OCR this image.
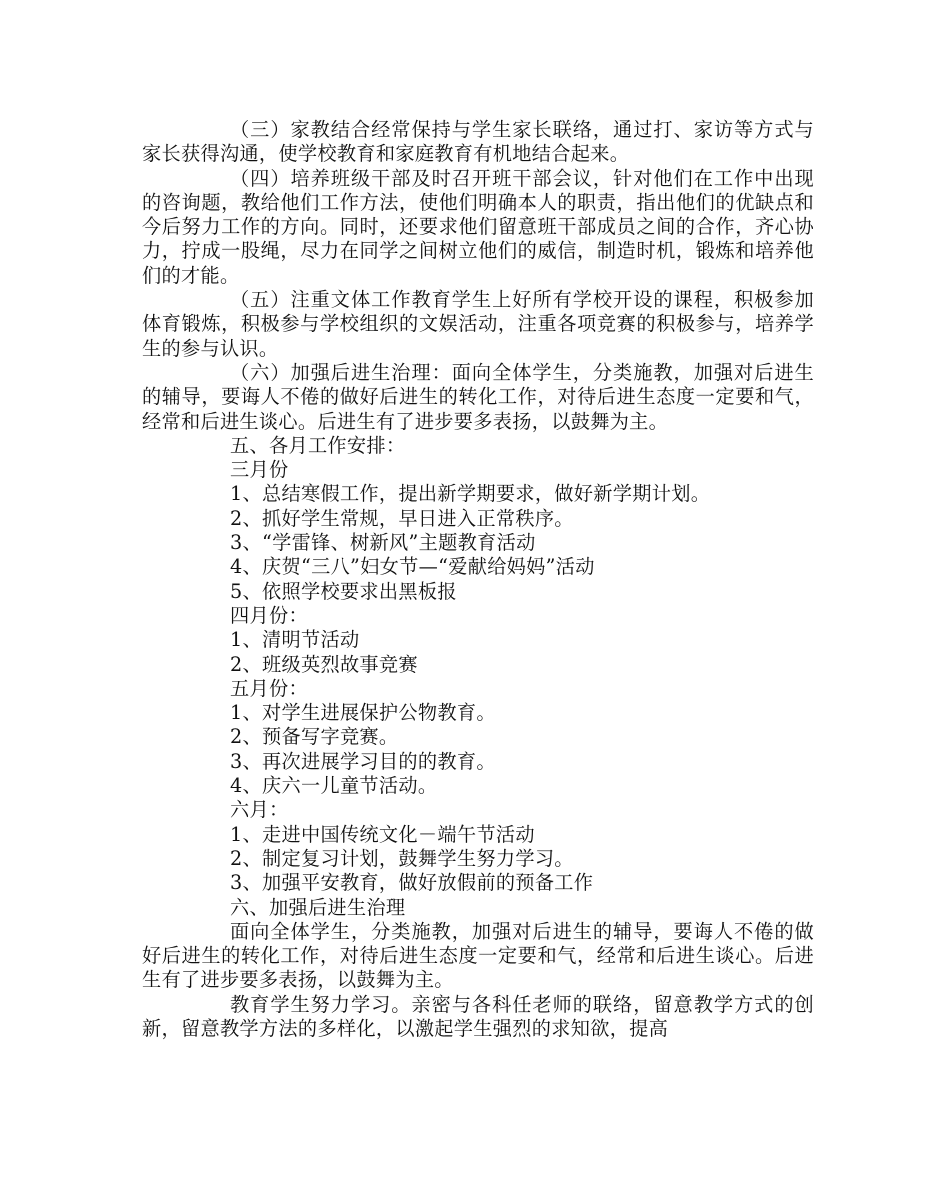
（三）家教结合经常保持与学生家长联络，通过打、家访等方式与家长获得沟通，使学校教育和家庭教育有机地结合起来。

（四）培养班级干部及时召开班干部会议，针对他们在工作中出现的咨询题，教给他们工作方法，使他们明确本人的职责，指出他们的优缺点和今后努力工作的方向。同时，还要求他们留意班干部成员之间的合作，齐心协力，拧成一股绳，尽力在同学之间树立他们的威信，制造时机，锻炼和培养他们的才能。

（五）注重文体工作教育学生上好所有学校开设的课程，积极参加体育锻炼，积极参与学校组织的文娱活动，注重各项竞赛的积极参与，培养学生的参与认识。

（六）加强后进生治理：面向全体学生，分类施教，加强对后进生的辅导，要诲人不倦的做好后进生的转化工作，对待后进生态度一定要和气，经常和后进生谈心。后进生有了进步要多表扬，以鼓舞为主。

五、各月工作安排：

三月份

1、总结寒假工作，提出新学期要求，做好新学期计划。

2、抓好学生常规，早日进入正常秩序。

3、“学雷锋、树新风”主题教育活动

4、庆贺“三八”妇女节—“爱献给妈妈”活动

5、依照学校要求出黑板报

四月份：

1、清明节活动

2、班级英烈故事竞赛

五月份：

1、对学生进展保护公物教育。

2、预备写字竞赛。

3、再次进展学习目的的教育。

4、庆六一儿童节活动。

六月：

1、走进中国传统文化－端午节活动

2、制定复习计划，鼓舞学生努力学习。

3、加强平安教育，做好放假前的预备工作

六、加强后进生治理

面向全体学生，分类施教，加强对后进生的辅导，要诲人不倦的做好后进生的转化工作，对待后进生态度一定要和气，经常和后进生谈心。后进生有了进步要多表扬，以鼓舞为主。

教育学生努力学习。亲密与各科任老师的联络，留意教学方式的创新，留意教学方法的多样化，以激起学生强烈的求知欲，提高
